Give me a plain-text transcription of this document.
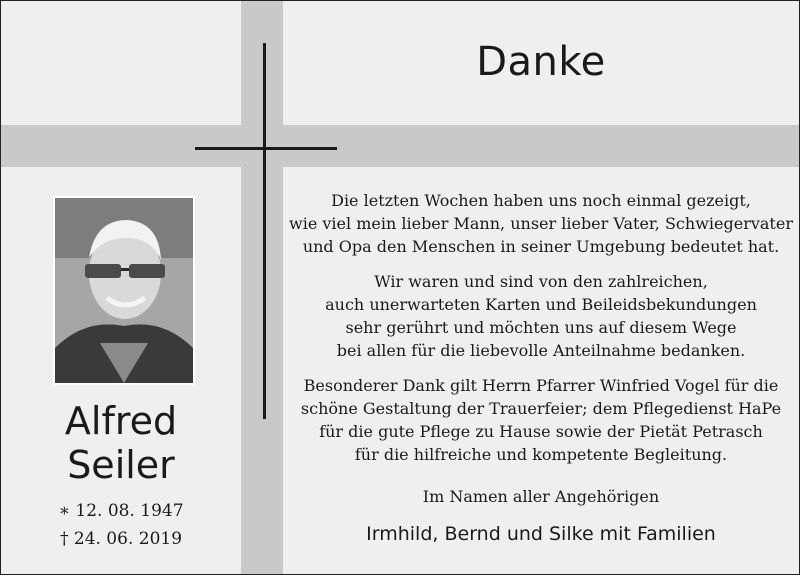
Danke
Alfred
Seiler
∗ 12. 08. 1947
† 24. 06. 2019

Die letzten Wochen haben uns noch einmal gezeigt,
wie viel mein lieber Mann, unser lieber Vater, Schwiegervater
und Opa den Menschen in seiner Umgebung bedeutet hat.

Wir waren und sind von den zahlreichen,
auch unerwarteten Karten und Beileidsbekundungen
sehr gerührt und möchten uns auf diesem Wege
bei allen für die liebevolle Anteilnahme bedanken.

Besonderer Dank gilt Herrn Pfarrer Winfried Vogel für die
schöne Gestaltung der Trauerfeier; dem Pflegedienst HaPe
für die gute Pflege zu Hause sowie der Pietät Petrasch
für die hilfreiche und kompetente Begleitung.

Im Namen aller Angehörigen
Irmhild, Bernd und Silke mit Familien
